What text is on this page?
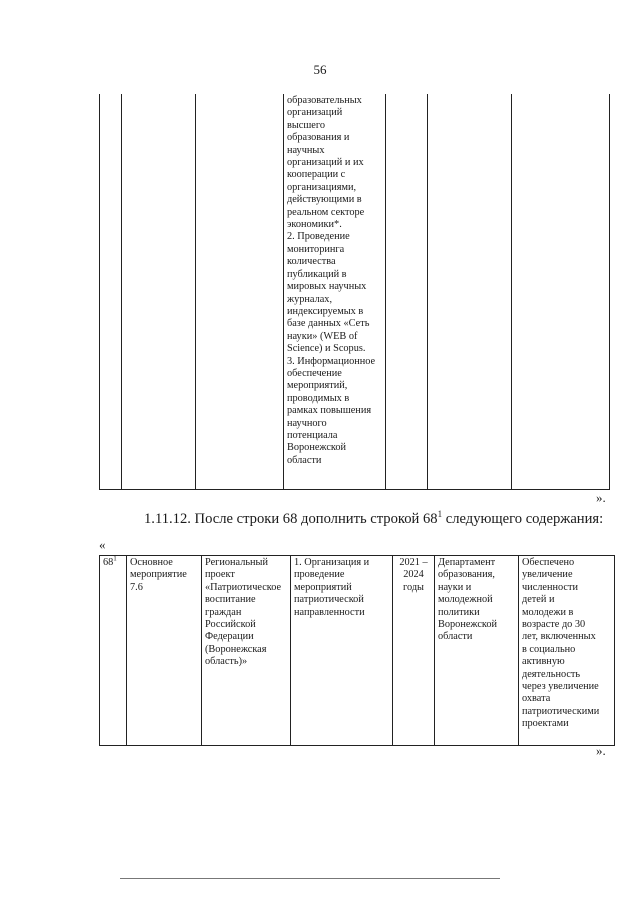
56
			образовательных
организаций
высшего
образования и
научных
организаций и их
кооперации с
организациями,
действующими в
реальном секторе
экономики*.
2. Проведение
мониторинга
количества
публикаций в
мировых научных
журналах,
индексируемых в
базе данных «Сеть
науки» (WEB of
Science) и Scopus.
3. Информационное
обеспечение
мероприятий,
проводимых в
рамках повышения
научного
потенциала
Воронежской
области			
».
1.11.12. После строки 68 дополнить строкой $68^1$ следующего содержания:
«
$68^1$	Основное
мероприятие
7.6	Региональный
проект
«Патриотическое
воспитание
граждан
Российской
Федерации
(Воронежская
область)»	1. Организация и
проведение
мероприятий
патриотической
направленности	2021 –
2024
годы	Департамент
образования,
науки и
молодежной
политики
Воронежской
области	Обеспечено
увеличение
численности
детей и
молодежи в
возрасте до 30
лет, включенных
в социально
активную
деятельность
через увеличение
охвата
патриотическими
проектами
».
